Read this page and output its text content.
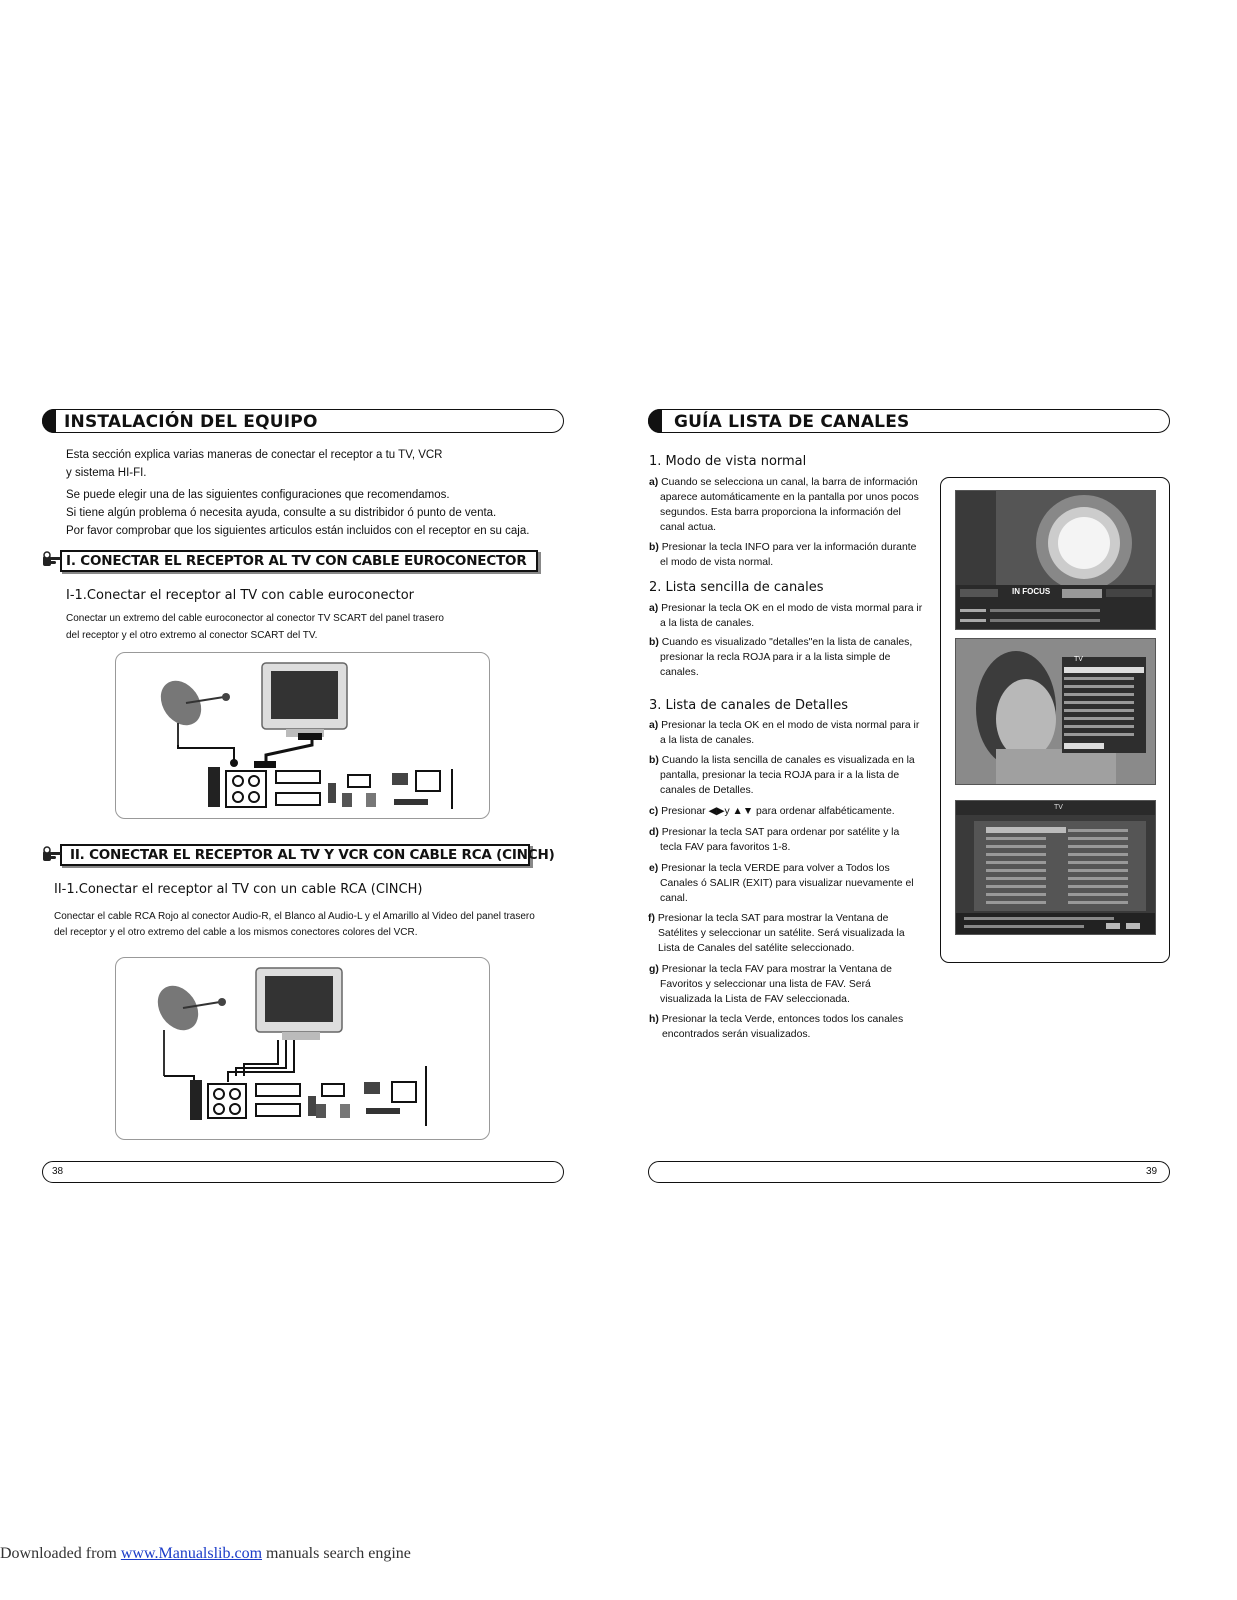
INSTALACIÓN DEL EQUIPO
Esta sección explica varias maneras de conectar el receptor a tu TV, VCR
y sistema HI-FI.
Se puede elegir una de las siguientes configuraciones que recomendamos.
Si tiene algún problema ó necesita ayuda, consulte a su distribidor ó punto de venta.
Por favor comprobar que los siguientes articulos están incluidos con el receptor en su caja.
I. CONECTAR EL RECEPTOR AL TV CON CABLE EUROCONECTOR
I-1.Conectar el receptor al TV con cable euroconector
Conectar un extremo del cable euroconector al conector TV SCART del panel trasero
del receptor y el otro extremo al conector SCART del TV.
II. CONECTAR EL RECEPTOR AL TV Y VCR CON CABLE RCA (CINCH)
II-1.Conectar el receptor al TV con un cable RCA (CINCH)
Conectar el cable RCA Rojo al conector Audio-R, el Blanco al Audio-L y el Amarillo al Video del panel trasero
del receptor y el otro extremo del cable a los mismos conectores colores del VCR.
38
GUÍA LISTA DE CANALES
1. Modo de vista normal
a) Cuando se selecciona un canal, la barra de información
aparece automáticamente en la pantalla por unos pocos
segundos. Esta barra proporciona la información del
canal actua.
b) Presionar la tecla INFO para ver la información durante
el modo de vista normal.
2. Lista sencilla de canales
a) Presionar la tecla OK en el modo de vista mormal para ir
a la lista de canales.
b) Cuando es visualizado "detalles"en la lista de canales,
presionar la recla ROJA para ir a la lista simple de
canales.
3. Lista de canales de Detalles
a) Presionar la tecla OK en el modo de vista normal para ir
a la lista de canales.
b) Cuando la lista sencilla de canales es visualizada en la
pantalla, presionar la tecia ROJA para ir a la lista de
canales de Detalles.
c) Presionar ◀▶y ▲▼ para ordenar alfabéticamente.
d) Presionar la tecla SAT para ordenar por satélite y la
tecla FAV para favoritos 1-8.
e) Presionar la tecla VERDE para volver a Todos los
Canales ó SALIR (EXIT) para visualizar nuevamente el
canal.
f) Presionar la tecla SAT para mostrar la Ventana de
Satélites y seleccionar un satélite. Será visualizada la
Lista de Canales del satélite seleccionado.
g) Presionar la tecla FAV para mostrar la Ventana de
Favoritos y seleccionar una lista de FAV. Será
visualizada la Lista de FAV seleccionada.
h) Presionar la tecla Verde, entonces todos los canales
encontrados serán visualizados.
IN FOCUS
TV
TV
39
Downloaded from www.Manualslib.com manuals search engine
